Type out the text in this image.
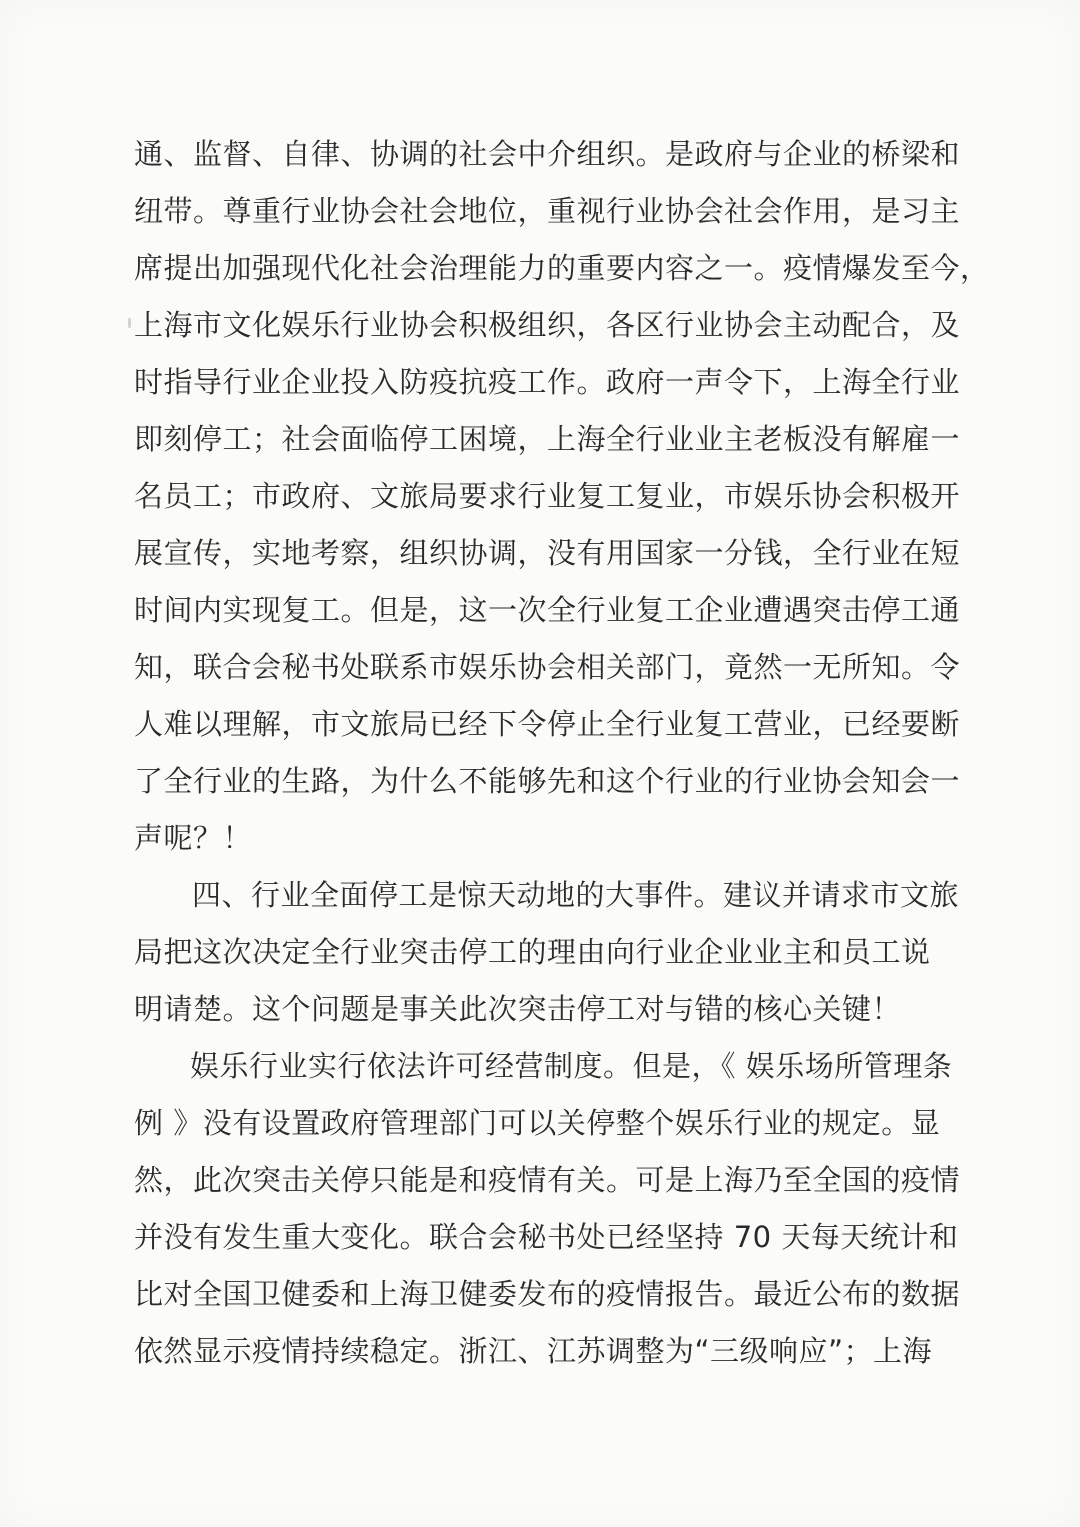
通、监督、自律、协调的社会中介组织。是政府与企业的桥梁和
纽带。尊重行业协会社会地位，重视行业协会社会作用，是习主
席提出加强现代化社会治理能力的重要内容之一。疫情爆发至今，
上海市文化娱乐行业协会积极组织，各区行业协会主动配合，及
时指导行业企业投入防疫抗疫工作。政府一声令下，上海全行业
即刻停工；社会面临停工困境，上海全行业业主老板没有解雇一
名员工；市政府、文旅局要求行业复工复业，市娱乐协会积极开
展宣传，实地考察，组织协调，没有用国家一分钱，全行业在短
时间内实现复工。但是，这一次全行业复工企业遭遇突击停工通
知，联合会秘书处联系市娱乐协会相关部门，竟然一无所知。令
人难以理解，市文旅局已经下令停止全行业复工营业，已经要断
了全行业的生路，为什么不能够先和这个行业的行业协会知会一
声呢？！
四、行业全面停工是惊天动地的大事件。建议并请求市文旅
局把这次决定全行业突击停工的理由向行业企业业主和员工说
明请楚。这个问题是事关此次突击停工对与错的核心关键！
娱乐行业实行依法许可经营制度。但是，《 娱乐场所管理条
例 》没有设置政府管理部门可以关停整个娱乐行业的规定。显
然，此次突击关停只能是和疫情有关。可是上海乃至全国的疫情
并没有发生重大变化。联合会秘书处已经坚持 70 天每天统计和
比对全国卫健委和上海卫健委发布的疫情报告。最近公布的数据
依然显示疫情持续稳定。浙江、江苏调整为“三级响应”；上海
